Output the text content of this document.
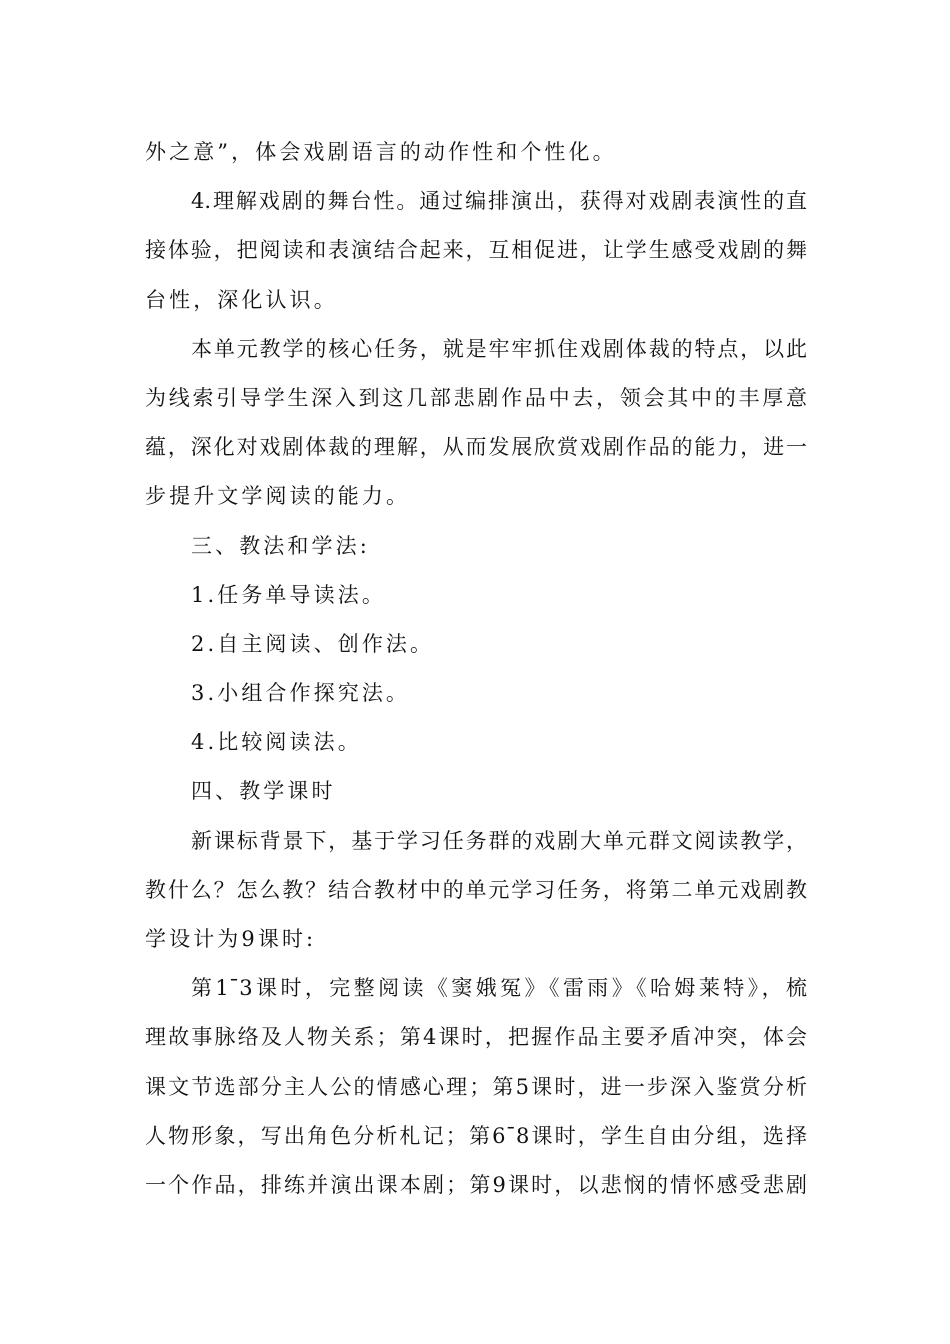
外之意”，体会戏剧语言的动作性和个性化。
4.理解戏剧的舞台性。通过编排演出，获得对戏剧表演性的直
接体验，把阅读和表演结合起来，互相促进，让学生感受戏剧的舞
台性，深化认识。
本单元教学的核心任务，就是牢牢抓住戏剧体裁的特点，以此
为线索引导学生深入到这几部悲剧作品中去，领会其中的丰厚意
蕴，深化对戏剧体裁的理解，从而发展欣赏戏剧作品的能力，进一
步提升文学阅读的能力。
三、教法和学法:
1.任务单导读法。
2.自主阅读、创作法。
3.小组合作探究法。
4.比较阅读法。
四、教学课时
新课标背景下，基于学习任务群的戏剧大单元群文阅读教学，
教什么？怎么教？结合教材中的单元学习任务，将第二单元戏剧教
学设计为9课时:
第1¯3课时，完整阅读《窦娥冤》《雷雨》《哈姆莱特》，梳
理故事脉络及人物关系；第4课时，把握作品主要矛盾冲突，体会
课文节选部分主人公的情感心理；第5课时，进一步深入鉴赏分析
人物形象，写出角色分析札记；第6¯8课时，学生自由分组，选择
一个作品，排练并演出课本剧；第9课时，以悲悯的情怀感受悲剧
